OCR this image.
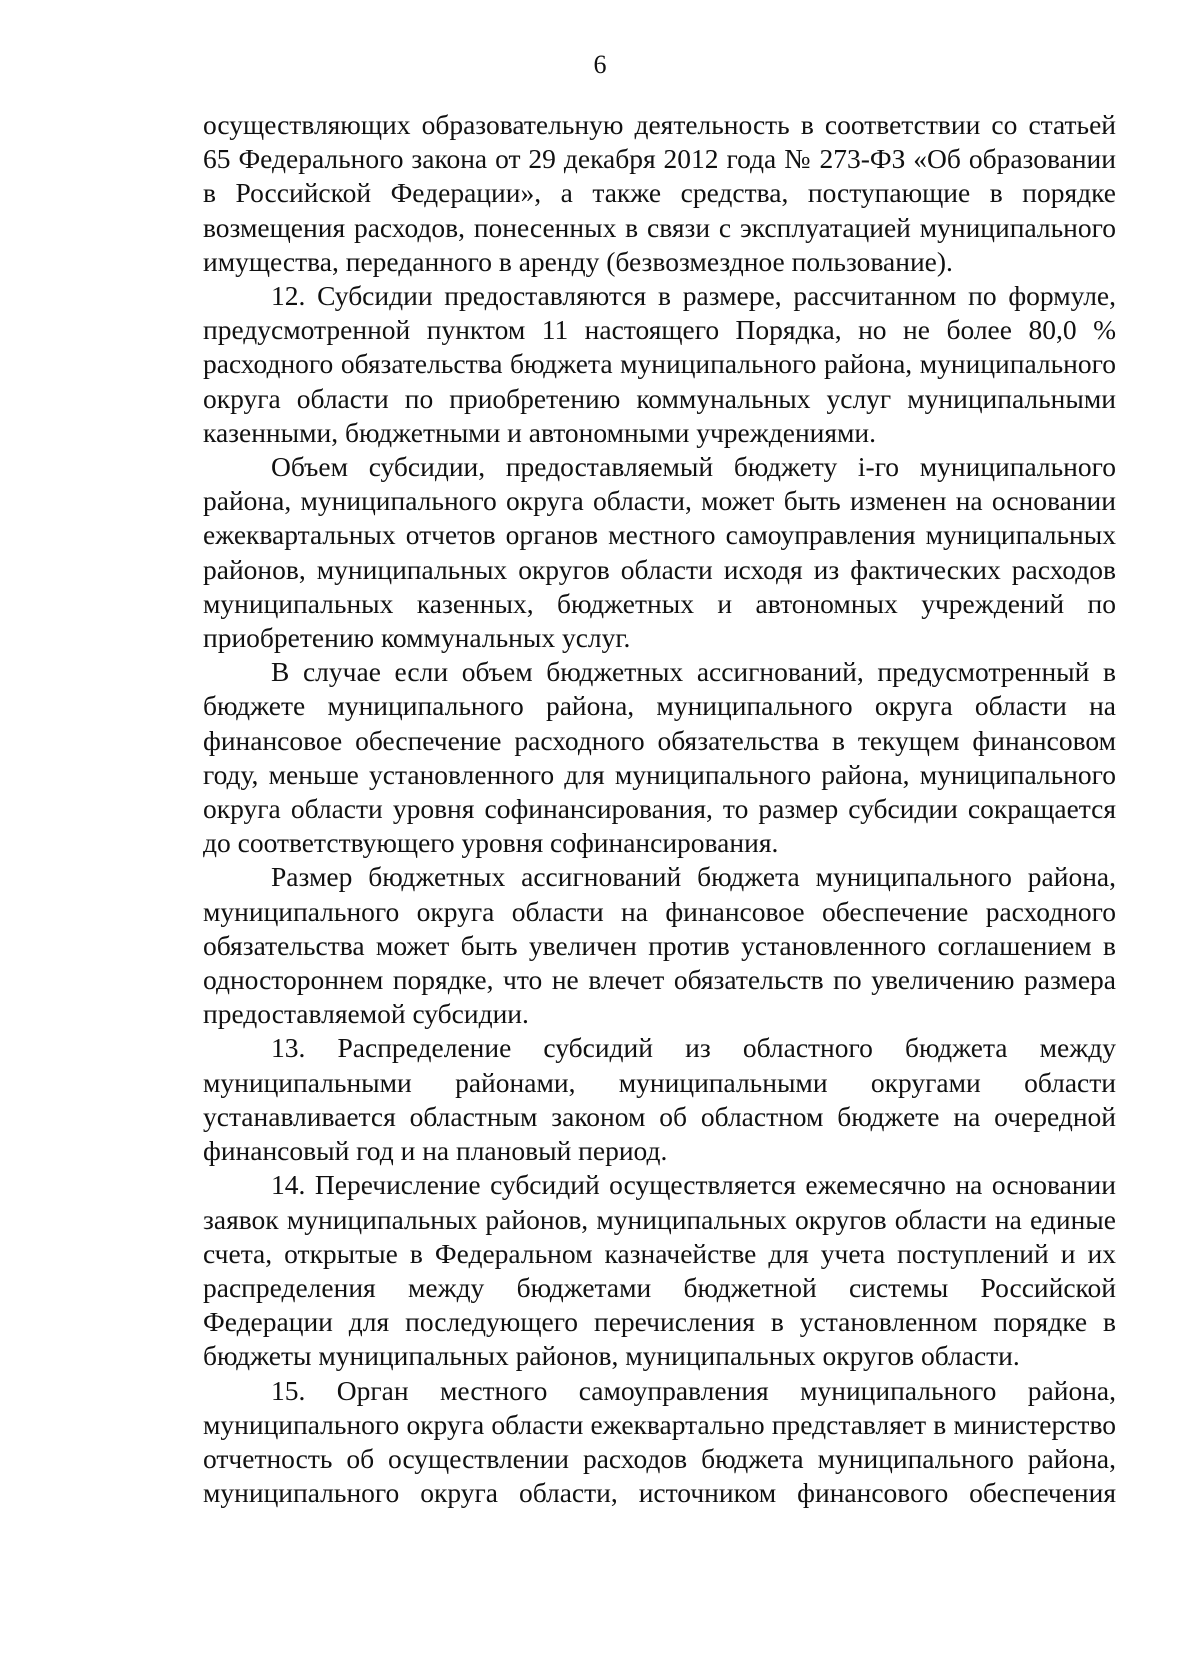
6

осуществляющих образовательную деятельность в соответствии со статьей 65 Федерального закона от 29 декабря 2012 года № 273-ФЗ «Об образовании в Российской Федерации», а также средства, поступающие в порядке возмещения расходов, понесенных в связи с эксплуатацией муниципального имущества, переданного в аренду (безвозмездное пользование).

12. Субсидии предоставляются в размере, рассчитанном по формуле, предусмотренной пунктом 11 настоящего Порядка, но не более 80,0 % расходного обязательства бюджета муниципального района, муниципального округа области по приобретению коммунальных услуг муниципальными казенными, бюджетными и автономными учреждениями.

Объем субсидии, предоставляемый бюджету i-го муниципального района, муниципального округа области, может быть изменен на основании ежеквартальных отчетов органов местного самоуправления муниципальных районов, муниципальных округов области исходя из фактических расходов муниципальных казенных, бюджетных и автономных учреждений по приобретению коммунальных услуг.

В случае если объем бюджетных ассигнований, предусмотренный в бюджете муниципального района, муниципального округа области на финансовое обеспечение расходного обязательства в текущем финансовом году, меньше установленного для муниципального района, муниципального округа области уровня софинансирования, то размер субсидии сокращается до соответствующего уровня софинансирования.

Размер бюджетных ассигнований бюджета муниципального района, муниципального округа области на финансовое обеспечение расходного обязательства может быть увеличен против установленного соглашением в одностороннем порядке, что не влечет обязательств по увеличению размера предоставляемой субсидии.

13. Распределение субсидий из областного бюджета между муниципальными районами, муниципальными округами области устанавливается областным законом об областном бюджете на очередной финансовый год и на плановый период.

14. Перечисление субсидий осуществляется ежемесячно на основании заявок муниципальных районов, муниципальных округов области на единые счета, открытые в Федеральном казначействе для учета поступлений и их распределения между бюджетами бюджетной системы Российской Федерации для последующего перечисления в установленном порядке в бюджеты муниципальных районов, муниципальных округов области.

15. Орган местного самоуправления муниципального района, муниципального округа области ежеквартально представляет в министерство отчетность об осуществлении расходов бюджета муниципального района, муниципального округа области, источником финансового обеспечения
